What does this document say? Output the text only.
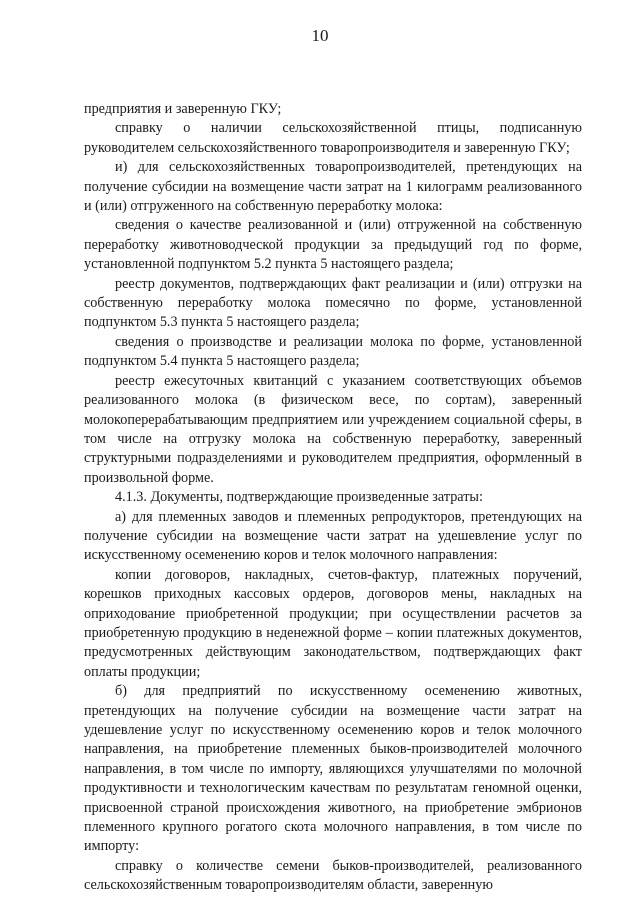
10

предприятия и заверенную ГКУ;

справку о наличии сельскохозяйственной птицы, подписанную руководителем сельскохозяйственного товаропроизводителя и заверенную ГКУ;

и) для сельскохозяйственных товаропроизводителей, претендующих на получение субсидии на возмещение части затрат на 1 килограмм реализованного и (или) отгруженного на собственную переработку молока:

сведения о качестве реализованной и (или) отгруженной на собственную переработку животноводческой продукции за предыдущий год по форме, установленной подпунктом 5.2 пункта 5 настоящего раздела;

реестр документов, подтверждающих факт реализации и (или) отгрузки на собственную переработку молока помесячно по форме, установленной подпунктом 5.3 пункта 5 настоящего раздела;

сведения о производстве и реализации молока по форме, установленной подпунктом 5.4 пункта 5 настоящего раздела;

реестр ежесуточных квитанций с указанием соответствующих объемов реализованного молока (в физическом весе, по сортам), заверенный молокоперерабатывающим предприятием или учреждением социальной сферы, в том числе на отгрузку молока на собственную переработку, заверенный структурными подразделениями и руководителем предприятия, оформленный в произвольной форме.

4.1.3. Документы, подтверждающие произведенные затраты:

а) для племенных заводов и племенных репродукторов, претендующих на получение субсидии на возмещение части затрат на удешевление услуг по искусственному осеменению коров и телок молочного направления:

копии договоров, накладных, счетов-фактур, платежных поручений, корешков приходных кассовых ордеров, договоров мены, накладных на оприходование приобретенной продукции; при осуществлении расчетов за приобретенную продукцию в неденежной форме – копии платежных документов, предусмотренных действующим законодательством, подтверждающих факт оплаты продукции;

б) для предприятий по искусственному осеменению животных, претендующих на получение субсидии на возмещение части затрат на удешевление услуг по искусственному осеменению коров и телок молочного направления, на приобретение племенных быков-производителей молочного направления, в том числе по импорту, являющихся улучшателями по молочной продуктивности и технологическим качествам по результатам геномной оценки, присвоенной страной происхождения животного, на приобретение эмбрионов племенного крупного рогатого скота молочного направления, в том числе по импорту:

справку о количестве семени быков-производителей, реализованного сельскохозяйственным товаропроизводителям области, заверенную
